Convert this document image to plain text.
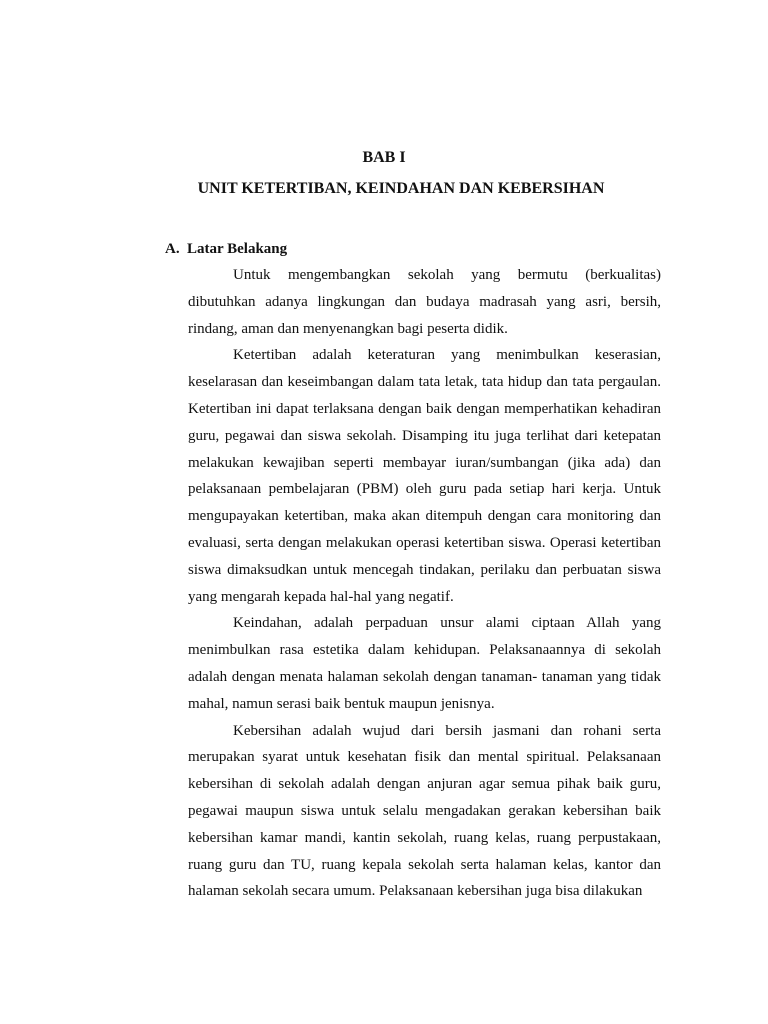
BAB I
UNIT KETERTIBAN, KEINDAHAN DAN KEBERSIHAN
A. Latar Belakang

Untuk mengembangkan sekolah yang bermutu (berkualitas) dibutuhkan adanya lingkungan dan budaya madrasah yang asri, bersih, rindang, aman dan menyenangkan bagi peserta didik.

Ketertiban adalah keteraturan yang menimbulkan keserasian, keselarasan dan keseimbangan dalam tata letak, tata hidup dan tata pergaulan. Ketertiban ini dapat terlaksana dengan baik dengan memperhatikan kehadiran guru, pegawai dan siswa sekolah. Disamping itu juga terlihat dari ketepatan melakukan kewajiban seperti membayar iuran/sumbangan (jika ada) dan pelaksanaan pembelajaran (PBM) oleh guru pada setiap hari kerja. Untuk mengupayakan ketertiban, maka akan ditempuh dengan cara monitoring dan evaluasi, serta dengan melakukan operasi ketertiban siswa. Operasi ketertiban siswa dimaksudkan untuk mencegah tindakan, perilaku dan perbuatan siswa yang mengarah kepada hal-hal yang negatif.

Keindahan, adalah perpaduan unsur alami ciptaan Allah yang menimbulkan rasa estetika dalam kehidupan. Pelaksanaannya di sekolah adalah dengan menata halaman sekolah dengan tanaman- tanaman yang tidak mahal, namun serasi baik bentuk maupun jenisnya.

Kebersihan adalah wujud dari bersih jasmani dan rohani serta merupakan syarat untuk kesehatan fisik dan mental spiritual. Pelaksanaan kebersihan di sekolah adalah dengan anjuran agar semua pihak baik guru, pegawai maupun siswa untuk selalu mengadakan gerakan kebersihan baik kebersihan kamar mandi, kantin sekolah, ruang kelas, ruang perpustakaan, ruang guru dan TU, ruang kepala sekolah serta halaman kelas, kantor dan halaman sekolah secara umum. Pelaksanaan kebersihan juga bisa dilakukan
